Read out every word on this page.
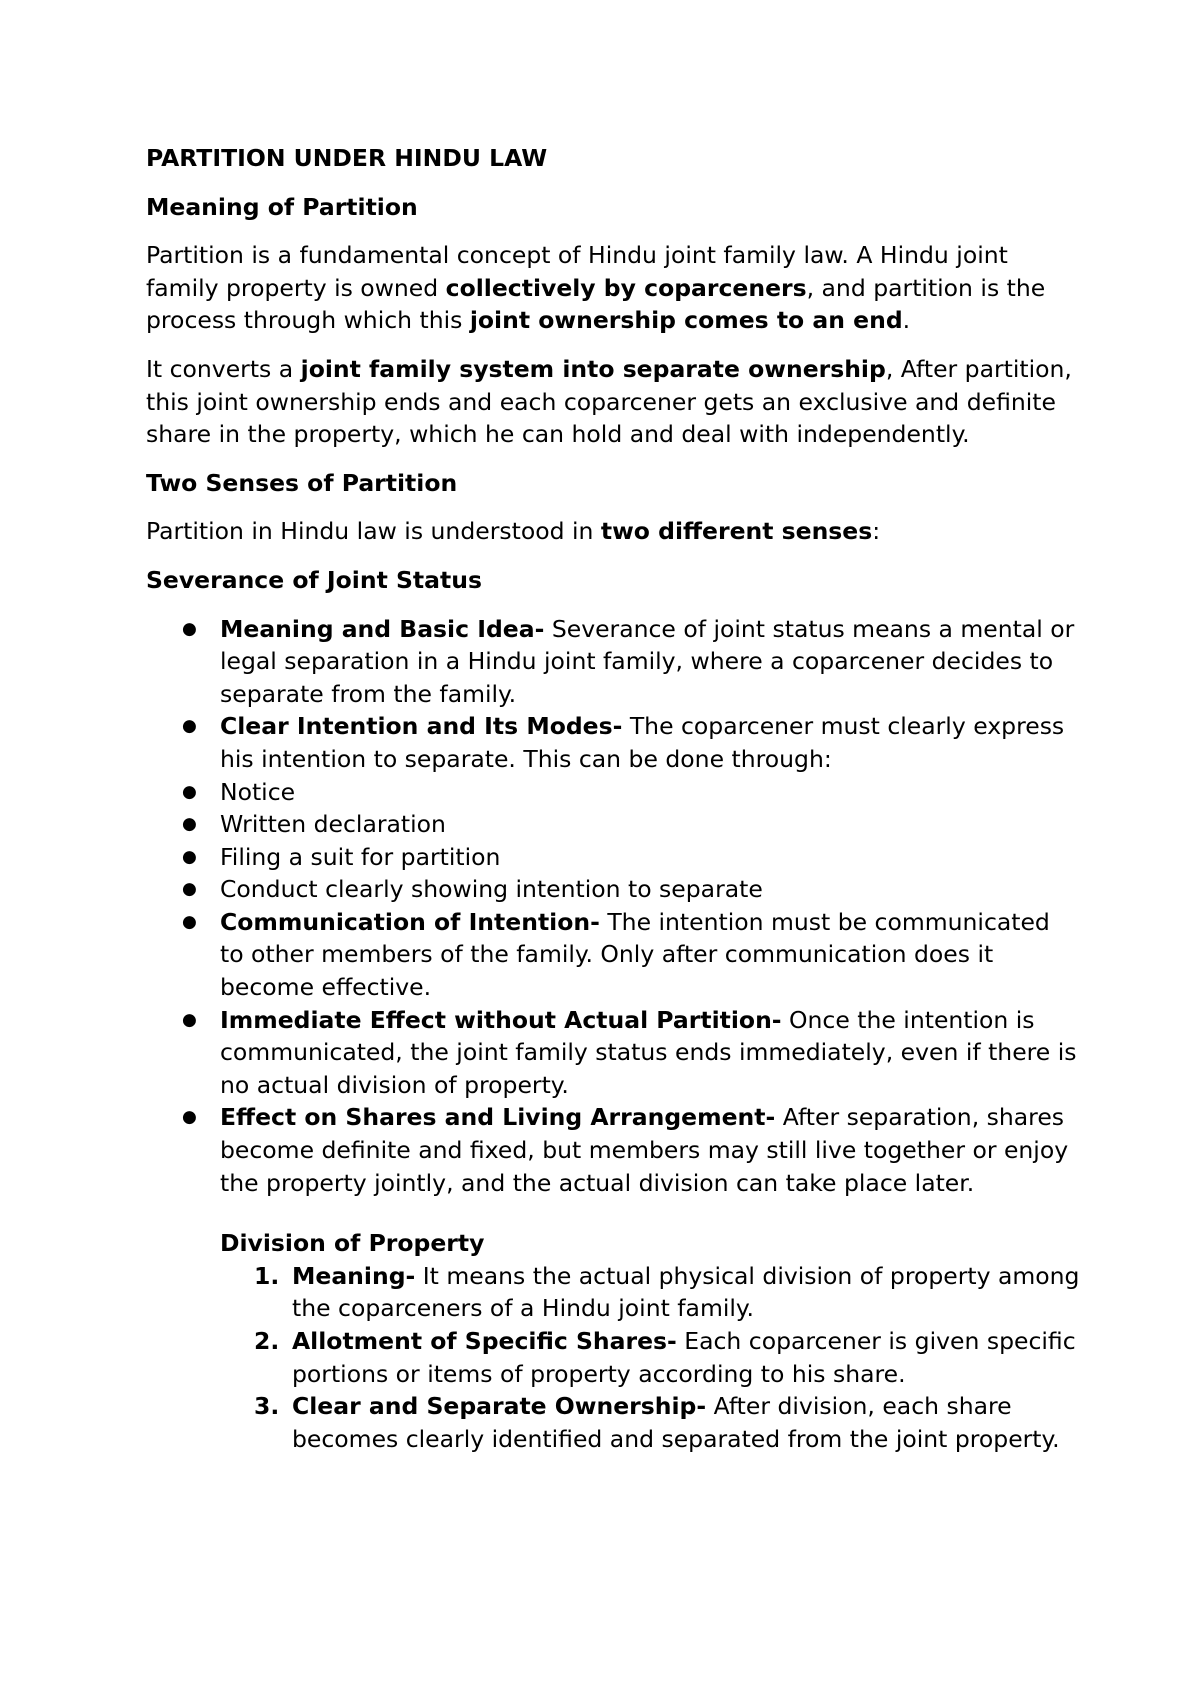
PARTITION UNDER HINDU LAW

Meaning of Partition

Partition is a fundamental concept of Hindu joint family law. A Hindu joint family property is owned collectively by coparceners, and partition is the process through which this joint ownership comes to an end.

It converts a joint family system into separate ownership, After partition, this joint ownership ends and each coparcener gets an exclusive and definite share in the property, which he can hold and deal with independently.

Two Senses of Partition

Partition in Hindu law is understood in two different senses:

Severance of Joint Status

● Meaning and Basic Idea- Severance of joint status means a mental or legal separation in a Hindu joint family, where a coparcener decides to separate from the family.
● Clear Intention and Its Modes- The coparcener must clearly express his intention to separate. This can be done through:
● Notice
● Written declaration
● Filing a suit for partition
● Conduct clearly showing intention to separate
● Communication of Intention- The intention must be communicated to other members of the family. Only after communication does it become effective.
● Immediate Effect without Actual Partition- Once the intention is communicated, the joint family status ends immediately, even if there is no actual division of property.
● Effect on Shares and Living Arrangement- After separation, shares become definite and fixed, but members may still live together or enjoy the property jointly, and the actual division can take place later.

Division of Property

1. Meaning- It means the actual physical division of property among the coparceners of a Hindu joint family.
2. Allotment of Specific Shares- Each coparcener is given specific portions or items of property according to his share.
3. Clear and Separate Ownership- After division, each share becomes clearly identified and separated from the joint property.
